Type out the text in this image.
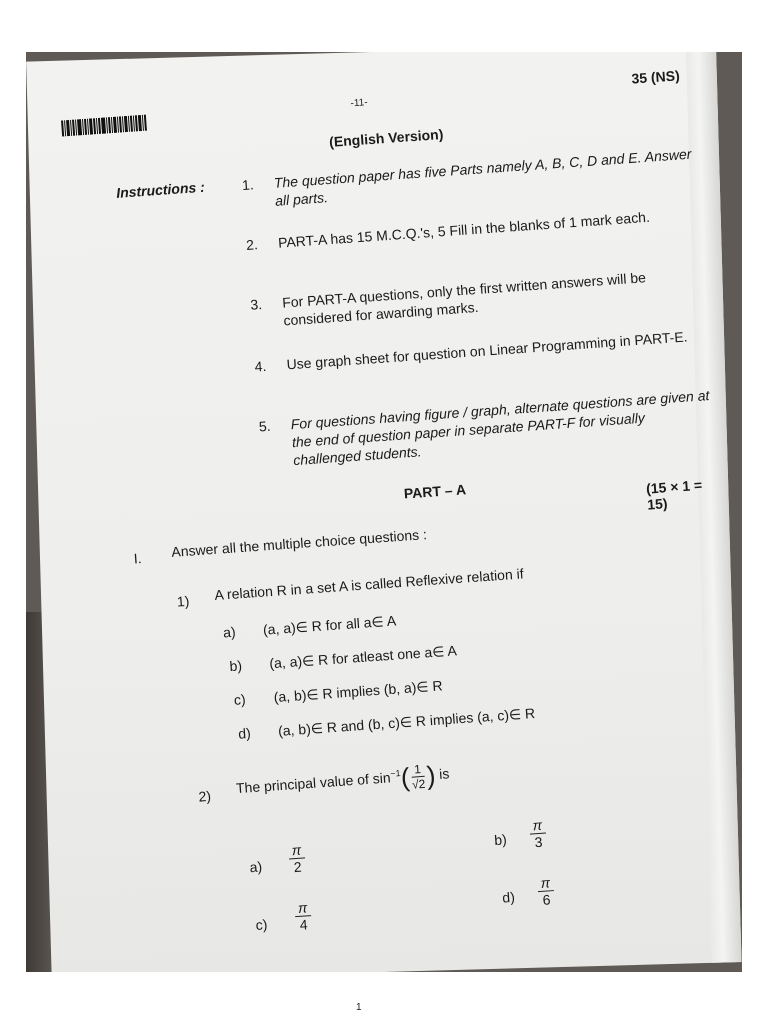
-11-
35 (NS)
(English Version)
Instructions :	1.	The question paper has five Parts namely A, B, C, D and E. Answer all parts.
2.	PART-A has 15 M.C.Q.'s, 5 Fill in the blanks of 1 mark each.
3.	For PART-A questions, only the first written answers will be considered for awarding marks.
4.	Use graph sheet for question on Linear Programming in PART-E.
5.	For questions having figure / graph, alternate questions are given at the end of question paper in separate PART-F for visually challenged students.
PART – A	(15 × 1 = 15)
I. Answer all the multiple choice questions :
1) A relation R in a set A is called Reflexive relation if
a) (a, a)∈ R for all a∈ A
b) (a, a)∈ R for atleast one a∈ A
c) (a, b)∈ R implies (b, a)∈ R
d) (a, b)∈ R and (b, c)∈ R implies (a, c)∈ R
2)
The principal value of $\sin^{-1}( \frac{1}{√2}$ ) is
$a) \frac{\pi}{2}$
$b) \frac{\pi}{3}$
$c) \frac{\pi}{4}$
$d) \frac{\pi}{6}$
1
